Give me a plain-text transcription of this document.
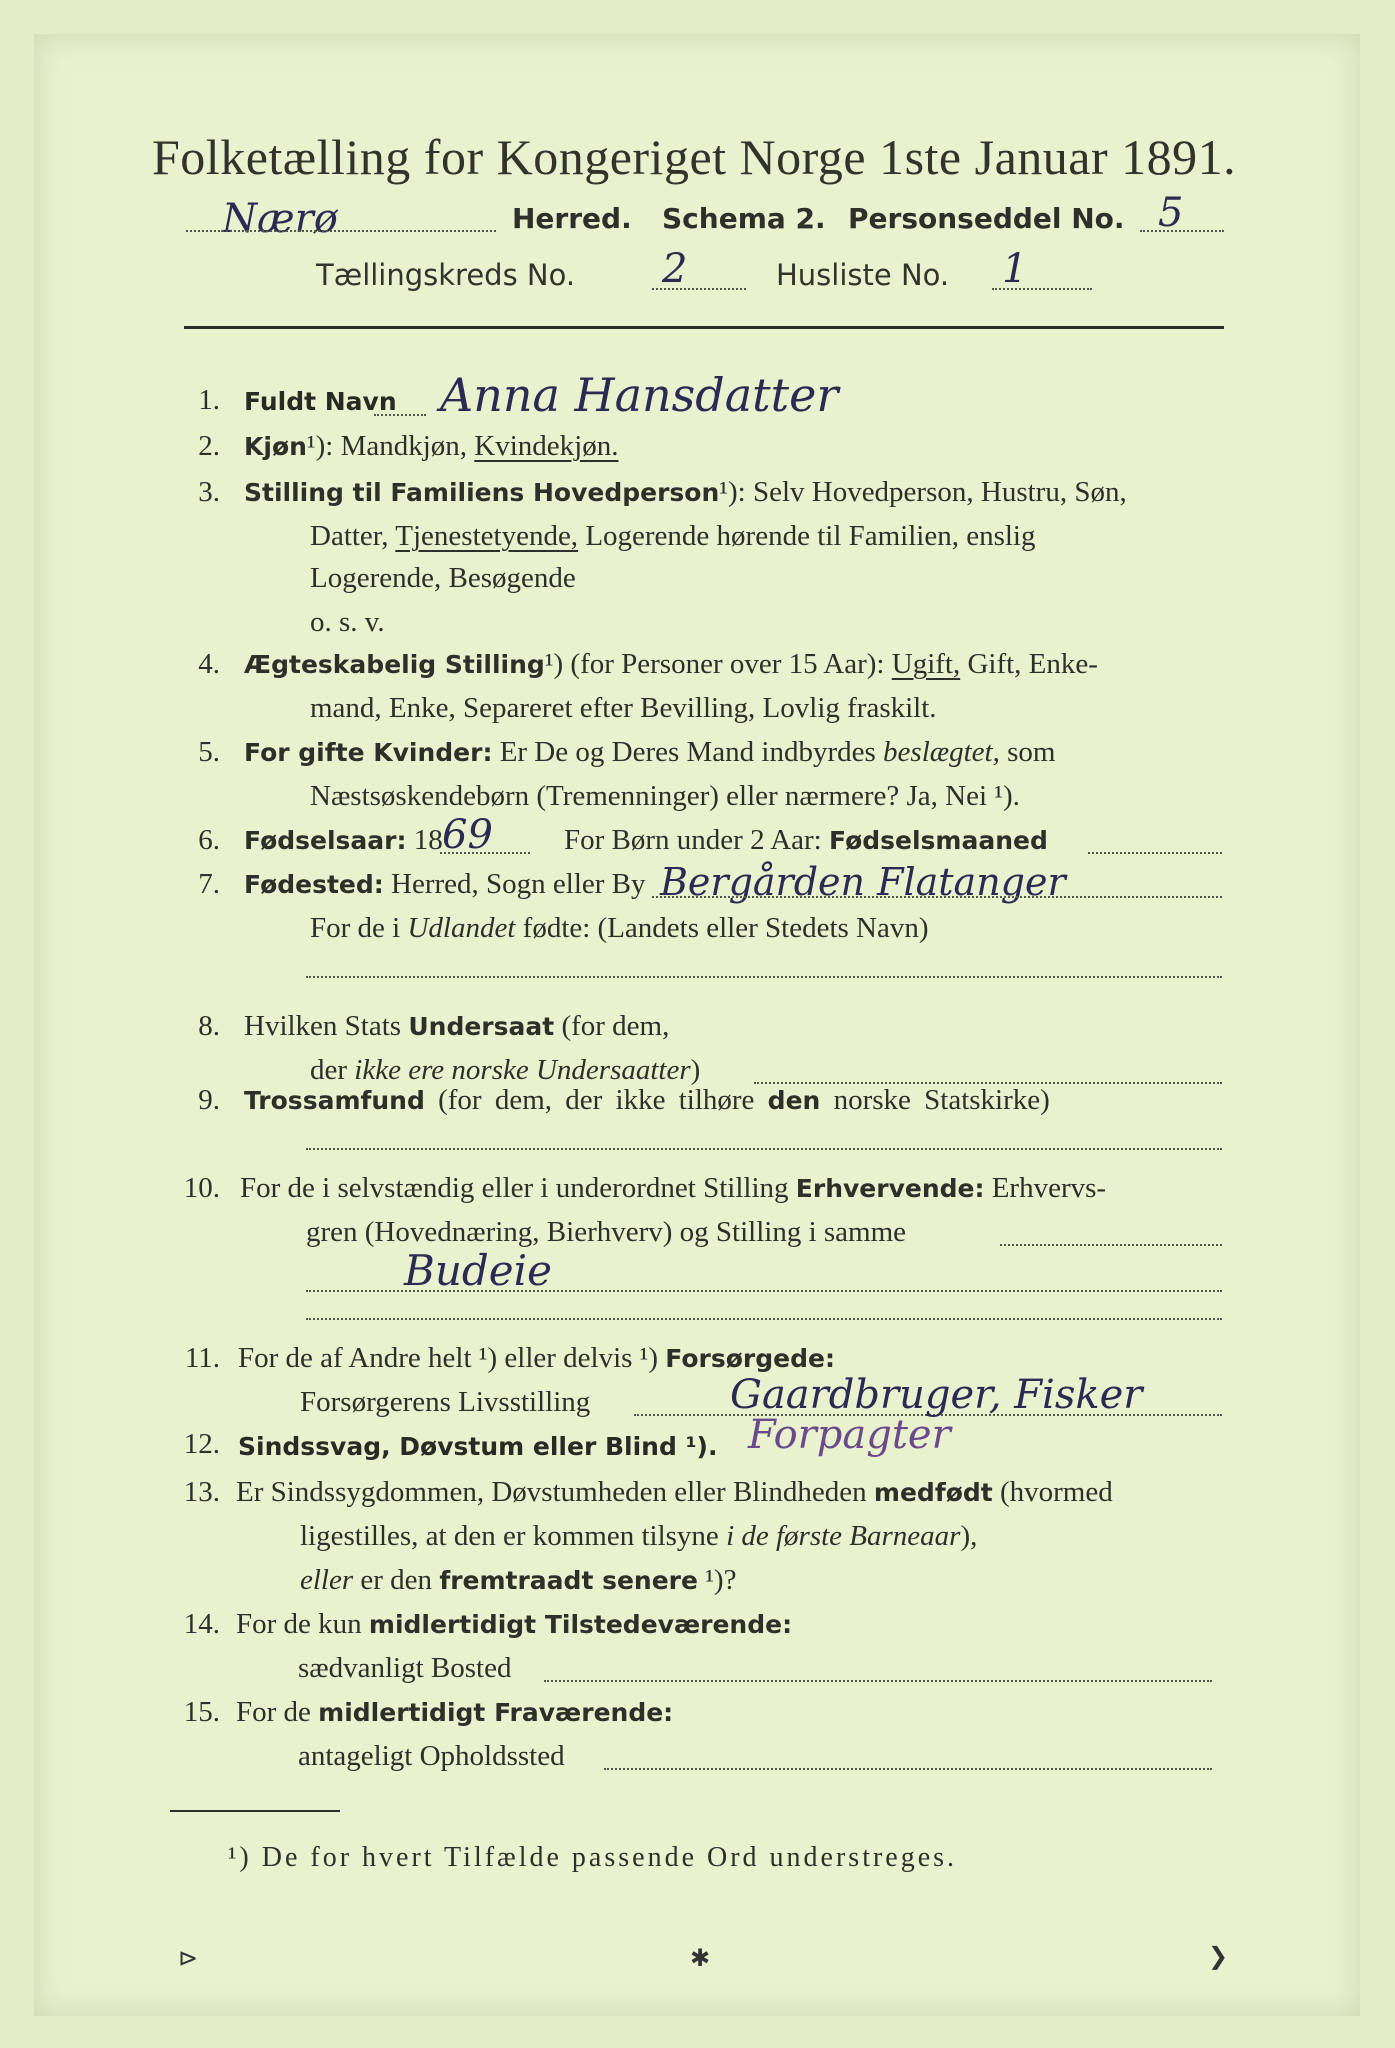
Folketælling for Kongeriget Norge 1ste Januar 1891.
Nærø	Herred. Schema 2. Personseddel No. 5
Tællingskreds No. 2	Husliste No. 1
1. Fuldt Navn Anna Hansdatter
2. Kjøn¹): Mandkjøn, Kvindekjøn.
3. Stilling til Familiens Hovedperson¹): Selv Hovedperson, Hustru, Søn,
Datter, Tjenestetyende, Logerende hørende til Familien, enslig
Logerende, Besøgende
o. s. v.
4. Ægteskabelig Stilling¹) (for Personer over 15 Aar): Ugift, Gift, Enke-
mand, Enke, Separeret efter Bevilling, Lovlig fraskilt.
5. For gifte Kvinder: Er De og Deres Mand indbyrdes beslægtet, som
Næstsøskendebørn (Tremenninger) eller nærmere? Ja, Nei ¹).
6. Fødselsaar: 18 69 For Børn under 2 Aar: Fødselsmaaned
7. Fødested: Herred, Sogn eller By Bergården Flatanger
For de i Udlandet fødte: (Landets eller Stedets Navn)
8. Hvilken Stats Undersaat (for dem,
der ikke ere norske Undersaatter)
9. Trossamfund (for dem, der ikke tilhøre den norske Statskirke)
10. For de i selvstændig eller i underordnet Stilling Erhvervende: Erhvervs-
gren (Hovednæring, Bierhverv) og Stilling i samme
Budeie
11. For de af Andre helt ¹) eller delvis ¹) Forsørgede:
Forsørgerens Livsstilling	Gaardbruger, Fisker
12. Sindssvag, Døvstum eller Blind ¹). Forpagter
13. Er Sindssygdommen, Døvstumheden eller Blindheden medfødt (hvormed
ligestilles, at den er kommen tilsyne i de første Barneaar),
eller er den fremtraadt senere ¹)?
14. For de kun midlertidigt Tilstedeværende:
sædvanligt Bosted
15. For de midlertidigt Fraværende:
antageligt Opholdssted
¹) De for hvert Tilfælde passende Ord understreges.
⊳	✱	❯
